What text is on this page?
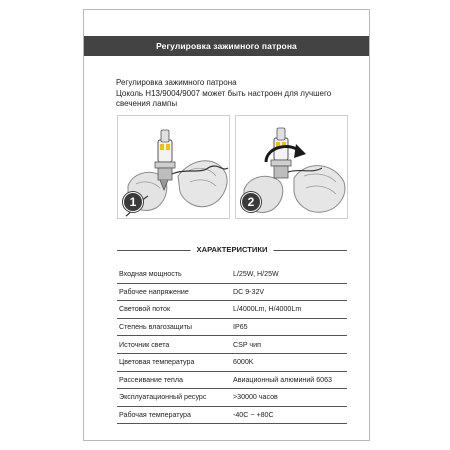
Регулировка зажимного патрона
Регулировка зажимного патрона
Цоколь H13/9004/9007 может быть настроен для лучшего
свечения лампы
1	2
ХАРАКТЕРИСТИКИ
Входная мощность	L/25W, H/25W
Рабочее напряжение	DC 9-32V
Световой поток	L/4000Lm, H/4000Lm
Степень влагозащиты	IP65
Источник света	CSP чип
Цветовая температура	6000K
Рассеивание тепла	Авиационный алюминий 6063
Эксплуатационный ресурс	>30000 часов
Рабочая температура	-40C ~ +80C
